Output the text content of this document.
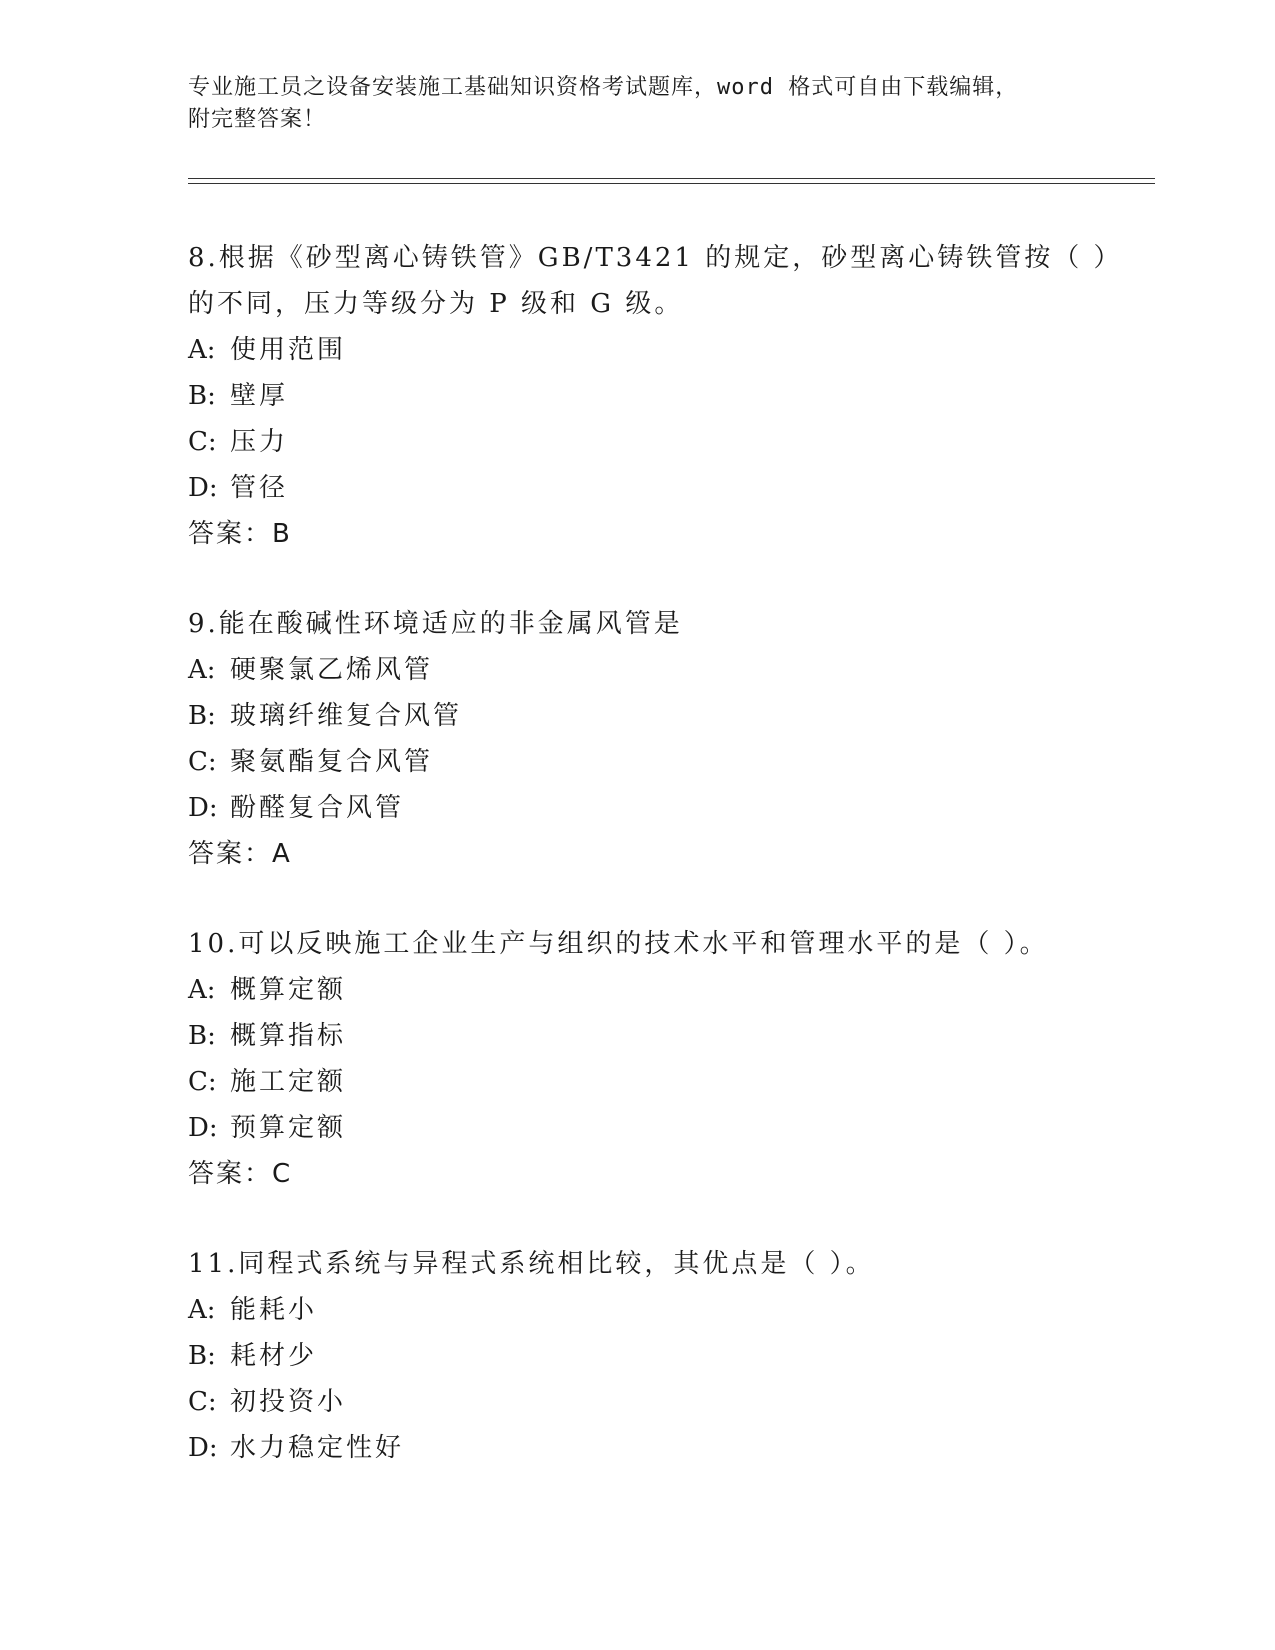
专业施工员之设备安装施工基础知识资格考试题库，word 格式可自由下载编辑，
附完整答案！
8.根据《砂型离心铸铁管》GB/T3421 的规定，砂型离心铸铁管按（ ）的不同，压力等级分为 P 级和 G 级。
A: 使用范围
B: 壁厚
C: 压力
D: 管径
答案：B
9.能在酸碱性环境适应的非金属风管是
A: 硬聚氯乙烯风管
B: 玻璃纤维复合风管
C: 聚氨酯复合风管
D: 酚醛复合风管
答案：A
10.可以反映施工企业生产与组织的技术水平和管理水平的是（ ）。
A: 概算定额
B: 概算指标
C: 施工定额
D: 预算定额
答案：C
11.同程式系统与异程式系统相比较，其优点是（ ）。
A: 能耗小
B: 耗材少
C: 初投资小
D: 水力稳定性好
